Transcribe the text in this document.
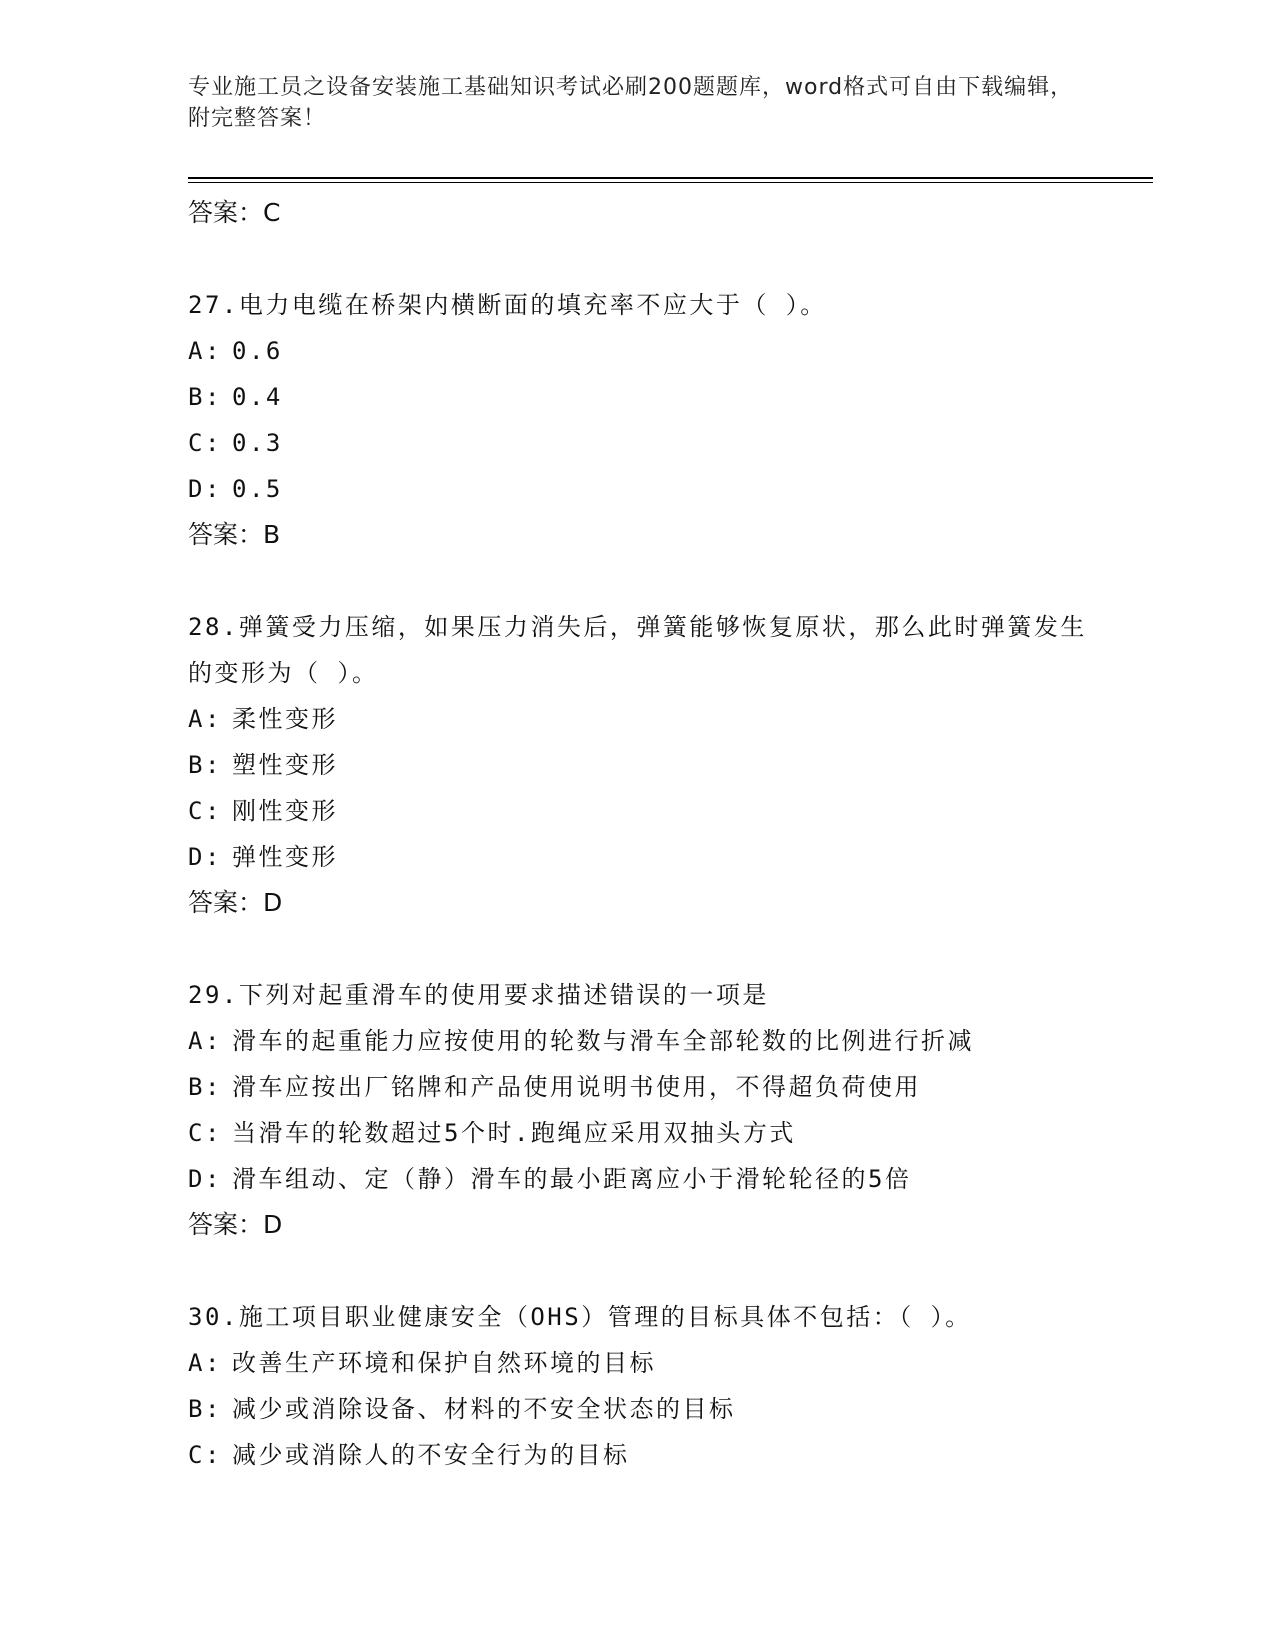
专业施工员之设备安装施工基础知识考试必刷200题题库，word格式可自由下载编辑，附完整答案！
答案：C
27.电力电缆在桥架内横断面的填充率不应大于（ ）。
A: 0.6
B: 0.4
C: 0.3
D: 0.5
答案：B
28.弹簧受力压缩，如果压力消失后，弹簧能够恢复原状，那么此时弹簧发生的变形为（ ）。
A: 柔性变形
B: 塑性变形
C: 刚性变形
D: 弹性变形
答案：D
29.下列对起重滑车的使用要求描述错误的一项是
A: 滑车的起重能力应按使用的轮数与滑车全部轮数的比例进行折减
B: 滑车应按出厂铭牌和产品使用说明书使用，不得超负荷使用
C: 当滑车的轮数超过5个时.跑绳应采用双抽头方式
D: 滑车组动、定（静）滑车的最小距离应小于滑轮轮径的5倍
答案：D
30.施工项目职业健康安全（OHS）管理的目标具体不包括：（ ）。
A: 改善生产环境和保护自然环境的目标
B: 减少或消除设备、材料的不安全状态的目标
C: 减少或消除人的不安全行为的目标
